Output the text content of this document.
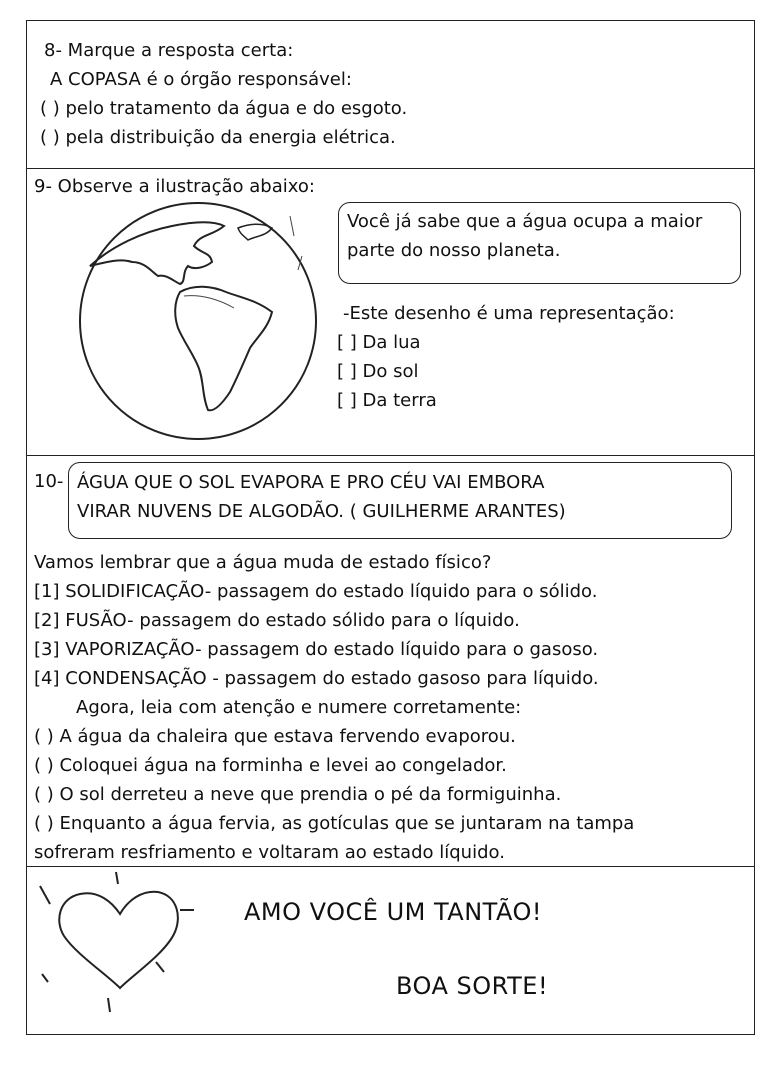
8- Marque a resposta certa:
A COPASA é o órgão responsável:
( ) pelo tratamento da água e do esgoto.
( ) pela distribuição da energia elétrica.
9- Observe a ilustração abaixo:
Você já sabe que a água ocupa a maior
parte do nosso planeta.
-Este desenho é uma representação:
[ ] Da lua
[ ] Do sol
[ ] Da terra
10- ÁGUA QUE O SOL EVAPORA E PRO CÉU VAI EMBORA
VIRAR NUVENS DE ALGODÃO. ( GUILHERME ARANTES)
Vamos lembrar que a água muda de estado físico?
[1] SOLIDIFICAÇÃO- passagem do estado líquido para o sólido.
[2] FUSÃO- passagem do estado sólido para o líquido.
[3] VAPORIZAÇÃO- passagem do estado líquido para o gasoso.
[4] CONDENSAÇÃO - passagem do estado gasoso para líquido.
Agora, leia com atenção e numere corretamente:
( ) A água da chaleira que estava fervendo evaporou.
( ) Coloquei água na forminha e levei ao congelador.
( ) O sol derreteu a neve que prendia o pé da formiguinha.
( ) Enquanto a água fervia, as gotículas que se juntaram na tampa
sofreram resfriamento e voltaram ao estado líquido.
AMO VOCÊ UM TANTÃO!
BOA SORTE!
